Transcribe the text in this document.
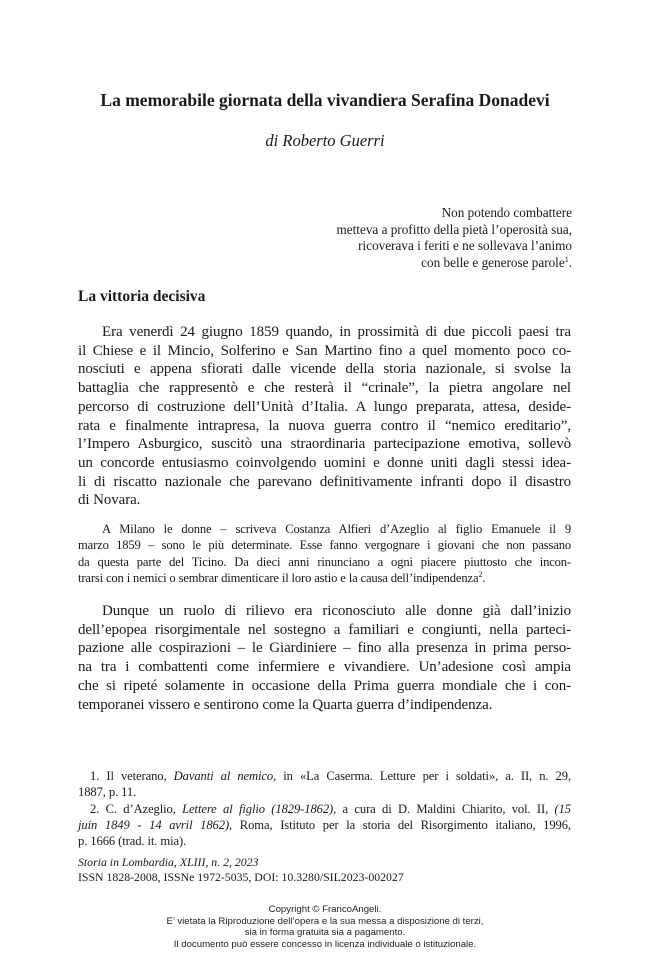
La memorabile giornata della vivandiera Serafina Donadevi
di Roberto Guerri
Non potendo combattere
metteva a profitto della pietà l’operosità sua,
ricoverava i feriti e ne sollevava l’animo
con belle e generose parole$^1$.
La vittoria decisiva
Era venerdì 24 giugno 1859 quando, in prossimità di due piccoli paesi tra
il Chiese e il Mincio, Solferino e San Martino fino a quel momento poco co-
nosciuti e appena sfiorati dalle vicende della storia nazionale, si svolse la
battaglia che rappresentò e che resterà il “crinale”, la pietra angolare nel
percorso di costruzione dell’Unità d’Italia. A lungo preparata, attesa, deside-
rata e finalmente intrapresa, la nuova guerra contro il “nemico ereditario”,
l’Impero Asburgico, suscitò una straordinaria partecipazione emotiva, sollevò
un concorde entusiasmo coinvolgendo uomini e donne uniti dagli stessi idea-
li di riscatto nazionale che parevano definitivamente infranti dopo il disastro
di Novara.
A Milano le donne – scriveva Costanza Alfieri d’Azeglio al figlio Emanuele il 9
marzo 1859 – sono le più determinate. Esse fanno vergognare i giovani che non passano
da questa parte del Ticino. Da dieci anni rinunciano a ogni piacere piuttosto che incon-
trarsi con i nemici o sembrar dimenticare il loro astio e la causa dell’indipendenza$^2$.
Dunque un ruolo di rilievo era riconosciuto alle donne già dall’inizio
dell’epopea risorgimentale nel sostegno a familiari e congiunti, nella parteci-
pazione alle cospirazioni – le Giardiniere – fino alla presenza in prima perso-
na tra i combattenti come infermiere e vivandiere. Un’adesione così ampia
che si ripeté solamente in occasione della Prima guerra mondiale che i con-
temporanei vissero e sentirono come la Quarta guerra d’indipendenza.
1. Il veterano, Davanti al nemico, in «La Caserma. Letture per i soldati», a. II, n. 29,
1887, p. 11.
2. C. d’Azeglio, Lettere al figlio (1829-1862), a cura di D. Maldini Chiarito, vol. II, (15
juin 1849 - 14 avril 1862), Roma, Istituto per la storia del Risorgimento italiano, 1996,
p. 1666 (trad. it. mia).
Storia in Lombardia, XLIII, n. 2, 2023
ISSN 1828-2008, ISSNe 1972-5035, DOI: 10.3280/SIL2023-002027
Copyright © FrancoAngeli.
E’ vietata la Riproduzione dell’opera e la sua messa a disposizione di terzi,
sia in forma gratuita sia a pagamento.
Il documento può essere concesso in licenza individuale o istituzionale.
